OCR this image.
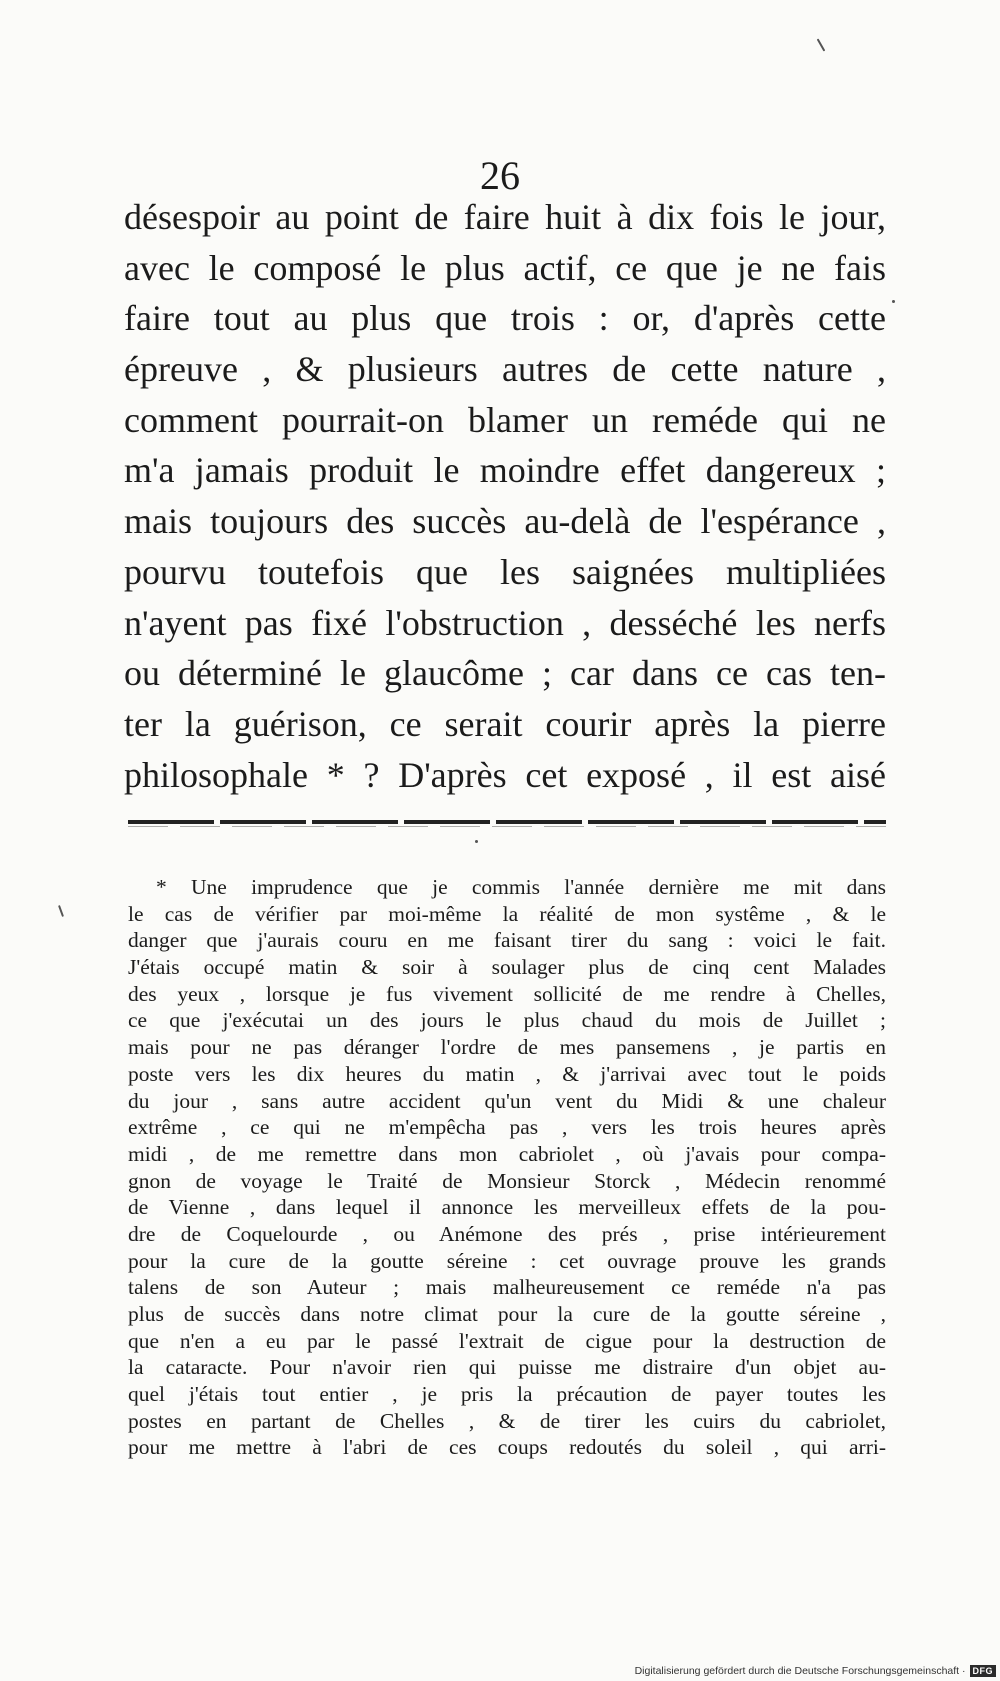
26
désespoir au point de faire huit à dix fois le jour,
avec le composé le plus actif, ce que je ne fais
faire tout au plus que trois : or, d'après cette
épreuve , & plusieurs autres de cette nature ,
comment pourrait-on blamer un reméde qui ne
m'a jamais produit le moindre effet dangereux ;
mais toujours des succès au-delà de l'espérance ,
pourvu toutefois que les saignées multipliées
n'ayent pas fixé l'obstruction , desséché les nerfs
ou déterminé le glaucôme ; car dans ce cas ten-
ter la guérison, ce serait courir après la pierre
philosophale * ? D'après cet exposé , il est aisé
* Une imprudence que je commis l'année dernière me mit dans
le cas de vérifier par moi-même la réalité de mon systême , & le
danger que j'aurais couru en me faisant tirer du sang : voici le fait.
J'étais occupé matin & soir à soulager plus de cinq cent Malades
des yeux , lorsque je fus vivement sollicité de me rendre à Chelles,
ce que j'exécutai un des jours le plus chaud du mois de Juillet ;
mais pour ne pas déranger l'ordre de mes pansemens , je partis en
poste vers les dix heures du matin , & j'arrivai avec tout le poids
du jour , sans autre accident qu'un vent du Midi & une chaleur
extrême , ce qui ne m'empêcha pas , vers les trois heures après
midi , de me remettre dans mon cabriolet , où j'avais pour compa-
gnon de voyage le Traité de Monsieur Storck , Médecin renommé
de Vienne , dans lequel il annonce les merveilleux effets de la pou-
dre de Coquelourde , ou Anémone des prés , prise intérieurement
pour la cure de la goutte séreine : cet ouvrage prouve les grands
talens de son Auteur ; mais malheureusement ce reméde n'a pas
plus de succès dans notre climat pour la cure de la goutte séreine ,
que n'en a eu par le passé l'extrait de cigue pour la destruction de
la cataracte. Pour n'avoir rien qui puisse me distraire d'un objet au-
quel j'étais tout entier , je pris la précaution de payer toutes les
postes en partant de Chelles , & de tirer les cuirs du cabriolet,
pour me mettre à l'abri de ces coups redoutés du soleil , qui arri-
Digitalisierung gefördert durch die Deutsche Forschungsgemeinschaft · DFG
